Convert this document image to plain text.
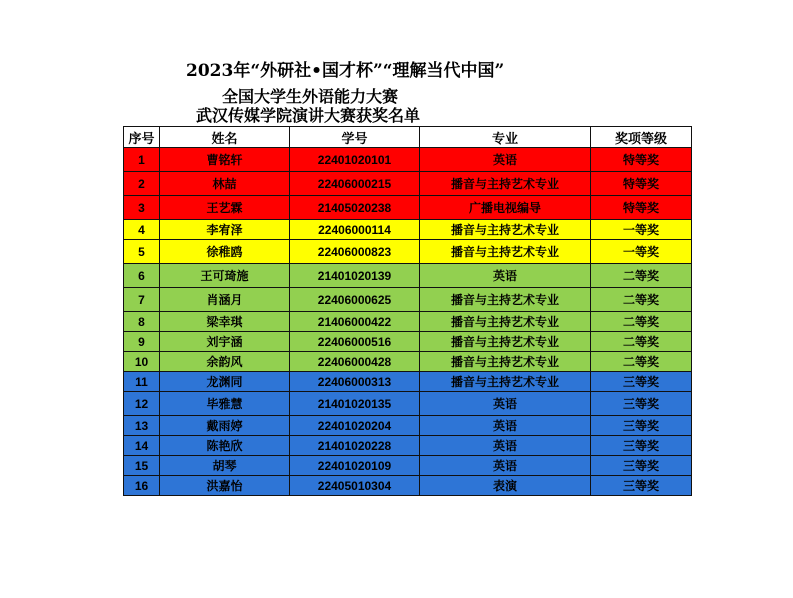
2023年“外研社•国才杯”“理解当代中国”
全国大学生外语能力大赛
武汉传媒学院演讲大赛获奖名单
序号	姓名	学号	专业	奖项等级
1	曹铭轩	22401020101	英语	特等奖
2	林喆	22406000215	播音与主持艺术专业	特等奖
3	王艺霖	21405020238	广播电视编导	特等奖
4	李宥泽	22406000114	播音与主持艺术专业	一等奖
5	徐稚鸥	22406000823	播音与主持艺术专业	一等奖
6	王可琦施	21401020139	英语	二等奖
7	肖涵月	22406000625	播音与主持艺术专业	二等奖
8	梁幸琪	21406000422	播音与主持艺术专业	二等奖
9	刘宇涵	22406000516	播音与主持艺术专业	二等奖
10	余韵风	22406000428	播音与主持艺术专业	二等奖
11	龙渊同	22406000313	播音与主持艺术专业	三等奖
12	毕雅慧	21401020135	英语	三等奖
13	戴雨婷	22401020204	英语	三等奖
14	陈艳欣	21401020228	英语	三等奖
15	胡琴	22401020109	英语	三等奖
16	洪嘉怡	22405010304	表演	三等奖
